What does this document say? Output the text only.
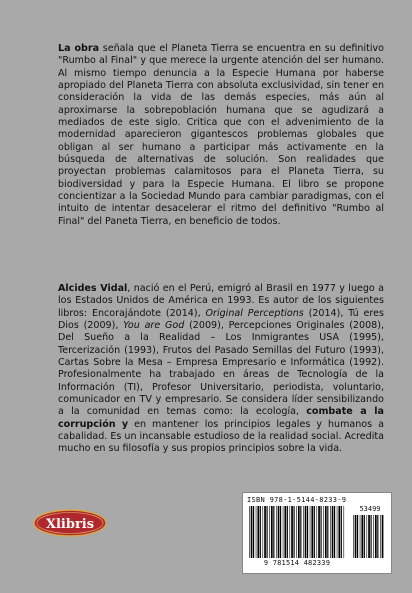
La obra señala que el Planeta Tierra se encuentra en su definitivo "Rumbo al Final" y que merece la urgente atención del ser humano. Al mismo tiempo denuncia a la Especie Humana por haberse apropiado del Planeta Tierra con absoluta exclusividad, sin tener en consideración la vida de las demás especies, más aún al aproximarse la sobrepoblación humana que se agudizará a mediados de este siglo. Critica que con el advenimiento de la modernidad aparecieron gigantescos problemas globales que obligan al ser humano a participar más activamente en la búsqueda de alternativas de solución. Son realidades que proyectan problemas calamitosos para el Planeta Tierra, su biodiversidad y para la Especie Humana. El libro se propone concientizar a la Sociedad Mundo para cambiar paradigmas, con el intuito de intentar desacelerar el ritmo del definitivo "Rumbo al Final" del Paneta Tierra, en beneficio de todos.

Alcides Vidal, nació en el Perú, emigró al Brasil en 1977 y luego a los Estados Unidos de América en 1993. Es autor de los siguientes libros: Encorajándote (2014), Original Perceptions (2014), Tú eres Dios (2009), You are God (2009), Percepciones Originales (2008), Del Sueño a la Realidad – Los Inmigrantes USA (1995), Tercerización (1993), Frutos del Pasado Semillas del Futuro (1993), Cartas Sobre la Mesa – Empresa Empresario e Informática (1992). Profesionalmente ha trabajado en áreas de Tecnología de la Información (TI), Profesor Universitario, periodista, voluntario, comunicador en TV y empresario. Se considera líder sensibilizando a la comunidad en temas como: la ecología, combate a la corrupción y en mantener los principios legales y humanos a cabalidad. Es un incansable estudioso de la realidad social. Acredita mucho en su filosofía y sus propios principios sobre la vida.

Xlibris
ISBN 978-1-5144-8233-9
53499
9 781514 482339
